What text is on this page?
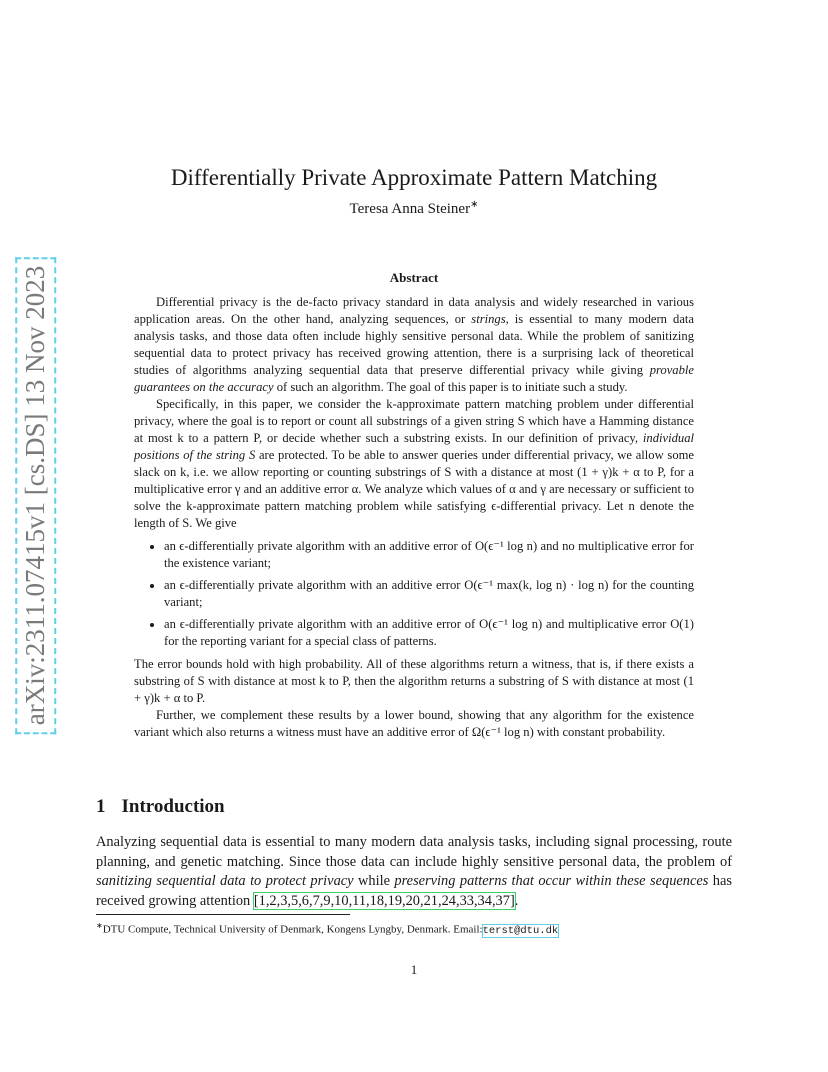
arXiv:2311.07415v1 [cs.DS] 13 Nov 2023
Differentially Private Approximate Pattern Matching
Teresa Anna Steiner∗
Abstract

Differential privacy is the de-facto privacy standard in data analysis and widely researched in various application areas. On the other hand, analyzing sequences, or strings, is essential to many modern data analysis tasks, and those data often include highly sensitive personal data. While the problem of sanitizing sequential data to protect privacy has received growing attention, there is a surprising lack of theoretical studies of algorithms analyzing sequential data that preserve differential privacy while giving provable guarantees on the accuracy of such an algorithm. The goal of this paper is to initiate such a study.

Specifically, in this paper, we consider the k-approximate pattern matching problem under differential privacy, where the goal is to report or count all substrings of a given string S which have a Hamming distance at most k to a pattern P, or decide whether such a substring exists. In our definition of privacy, individual positions of the string S are protected. To be able to answer queries under differential privacy, we allow some slack on k, i.e. we allow reporting or counting substrings of S with a distance at most (1 + γ)k + α to P, for a multiplicative error γ and an additive error α. We analyze which values of α and γ are necessary or sufficient to solve the k-approximate pattern matching problem while satisfying ϵ-differential privacy. Let n denote the length of S. We give

• an ϵ-differentially private algorithm with an additive error of O(ϵ⁻¹ log n) and no multiplicative error for the existence variant;
• an ϵ-differentially private algorithm with an additive error O(ϵ⁻¹ max(k, log n) · log n) for the counting variant;
• an ϵ-differentially private algorithm with an additive error of O(ϵ⁻¹ log n) and multiplicative error O(1) for the reporting variant for a special class of patterns.

The error bounds hold with high probability. All of these algorithms return a witness, that is, if there exists a substring of S with distance at most k to P, then the algorithm returns a substring of S with distance at most (1 + γ)k + α to P.

Further, we complement these results by a lower bound, showing that any algorithm for the existence variant which also returns a witness must have an additive error of Ω(ϵ⁻¹ log n) with constant probability.

1 Introduction

Analyzing sequential data is essential to many modern data analysis tasks, including signal processing, route planning, and genetic matching. Since those data can include highly sensitive personal data, the problem of sanitizing sequential data to protect privacy while preserving patterns that occur within these sequences has received growing attention [1,2,3,5,6,7,9,10,11,18,19,20,21,24,33,34,37].

∗DTU Compute, Technical University of Denmark, Kongens Lyngby, Denmark. Email:terst@dtu.dk
1
